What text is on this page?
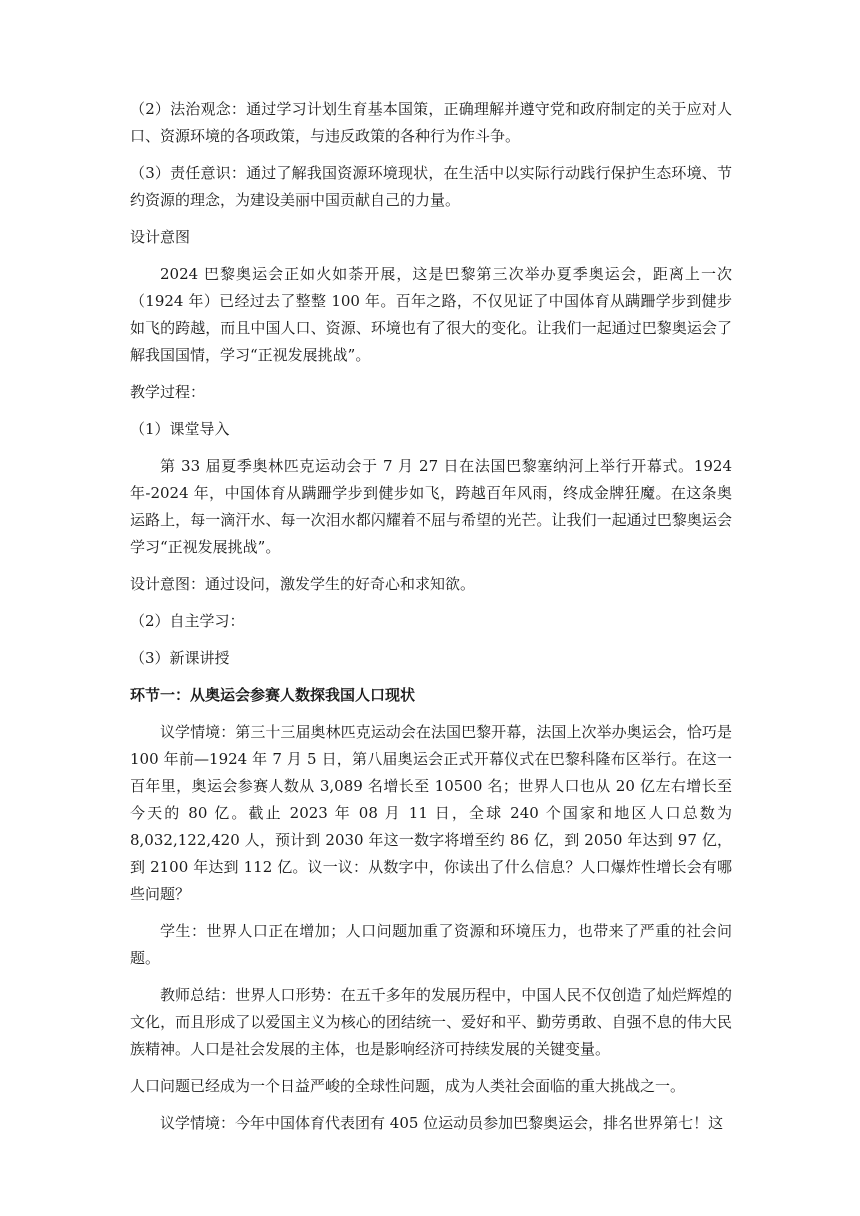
（2）法治观念：通过学习计划生育基本国策，正确理解并遵守党和政府制定的关于应对人口、资源环境的各项政策，与违反政策的各种行为作斗争。

（3）责任意识：通过了解我国资源环境现状，在生活中以实际行动践行保护生态环境、节约资源的理念，为建设美丽中国贡献自己的力量。

设计意图

2024 巴黎奥运会正如火如荼开展，这是巴黎第三次举办夏季奥运会，距离上一次（1924 年）已经过去了整整 100 年。百年之路，不仅见证了中国体育从蹒跚学步到健步如飞的跨越，而且中国人口、资源、环境也有了很大的变化。让我们一起通过巴黎奥运会了解我国国情，学习“正视发展挑战”。

教学过程：

（1）课堂导入

第 33 届夏季奥林匹克运动会于 7 月 27 日在法国巴黎塞纳河上举行开幕式。1924 年-2024 年，中国体育从蹒跚学步到健步如飞，跨越百年风雨，终成金牌狂魔。在这条奥运路上，每一滴汗水、每一次泪水都闪耀着不屈与希望的光芒。让我们一起通过巴黎奥运会学习“正视发展挑战”。

设计意图：通过设问，激发学生的好奇心和求知欲。

（2）自主学习：

（3）新课讲授

环节一：从奥运会参赛人数探我国人口现状

议学情境：第三十三届奥林匹克运动会在法国巴黎开幕，法国上次举办奥运会，恰巧是 100 年前—1924 年 7 月 5 日，第八届奥运会正式开幕仪式在巴黎科隆布区举行。在这一百年里，奥运会参赛人数从 3,089 名增长至 10500 名；世界人口也从 20 亿左右增长至今天的 80 亿。截止 2023 年 08 月 11 日，全球 240 个国家和地区人口总数为 8,032,122,420 人，预计到 2030 年这一数字将增至约 86 亿，到 2050 年达到 97 亿，到 2100 年达到 112 亿。议一议：从数字中，你读出了什么信息？人口爆炸性增长会有哪些问题？

学生：世界人口正在增加；人口问题加重了资源和环境压力，也带来了严重的社会问题。

教师总结：世界人口形势：在五千多年的发展历程中，中国人民不仅创造了灿烂辉煌的文化，而且形成了以爱国主义为核心的团结统一、爱好和平、勤劳勇敢、自强不息的伟大民族精神。人口是社会发展的主体，也是影响经济可持续发展的关键变量。

人口问题已经成为一个日益严峻的全球性问题，成为人类社会面临的重大挑战之一。

议学情境：今年中国体育代表团有 405 位运动员参加巴黎奥运会，排名世界第七！这
